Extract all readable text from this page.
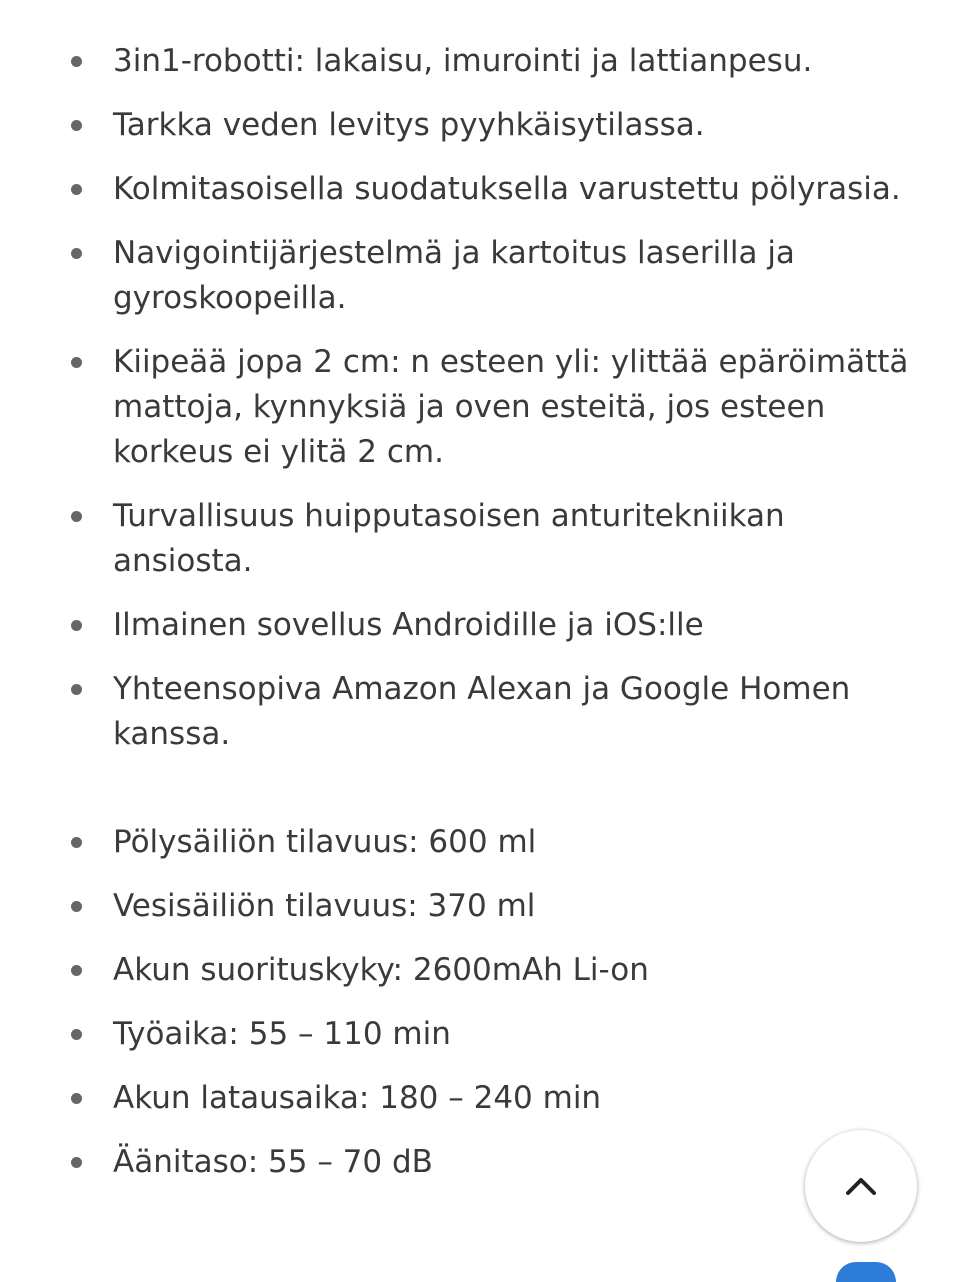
3in1-robotti: lakaisu, imurointi ja lattianpesu.
Tarkka veden levitys pyyhkäisytilassa.
Kolmitasoisella suodatuksella varustettu pölyrasia.
Navigointijärjestelmä ja kartoitus laserilla ja gyroskoopeilla.
Kiipeää jopa 2 cm: n esteen yli: ylittää epäröimättä mattoja, kynnyksiä ja oven esteitä, jos esteen korkeus ei ylitä 2 cm.
Turvallisuus huipputasoisen anturitekniikan ansiosta.
Ilmainen sovellus Androidille ja iOS:lle
Yhteensopiva Amazon Alexan ja Google Homen kanssa.
Pölysäiliön tilavuus: 600 ml
Vesisäiliön tilavuus: 370 ml
Akun suorituskyky: 2600mAh Li-on
Työaika: 55 – 110 min
Akun latausaika: 180 – 240 min
Äänitaso: 55 – 70 dB
